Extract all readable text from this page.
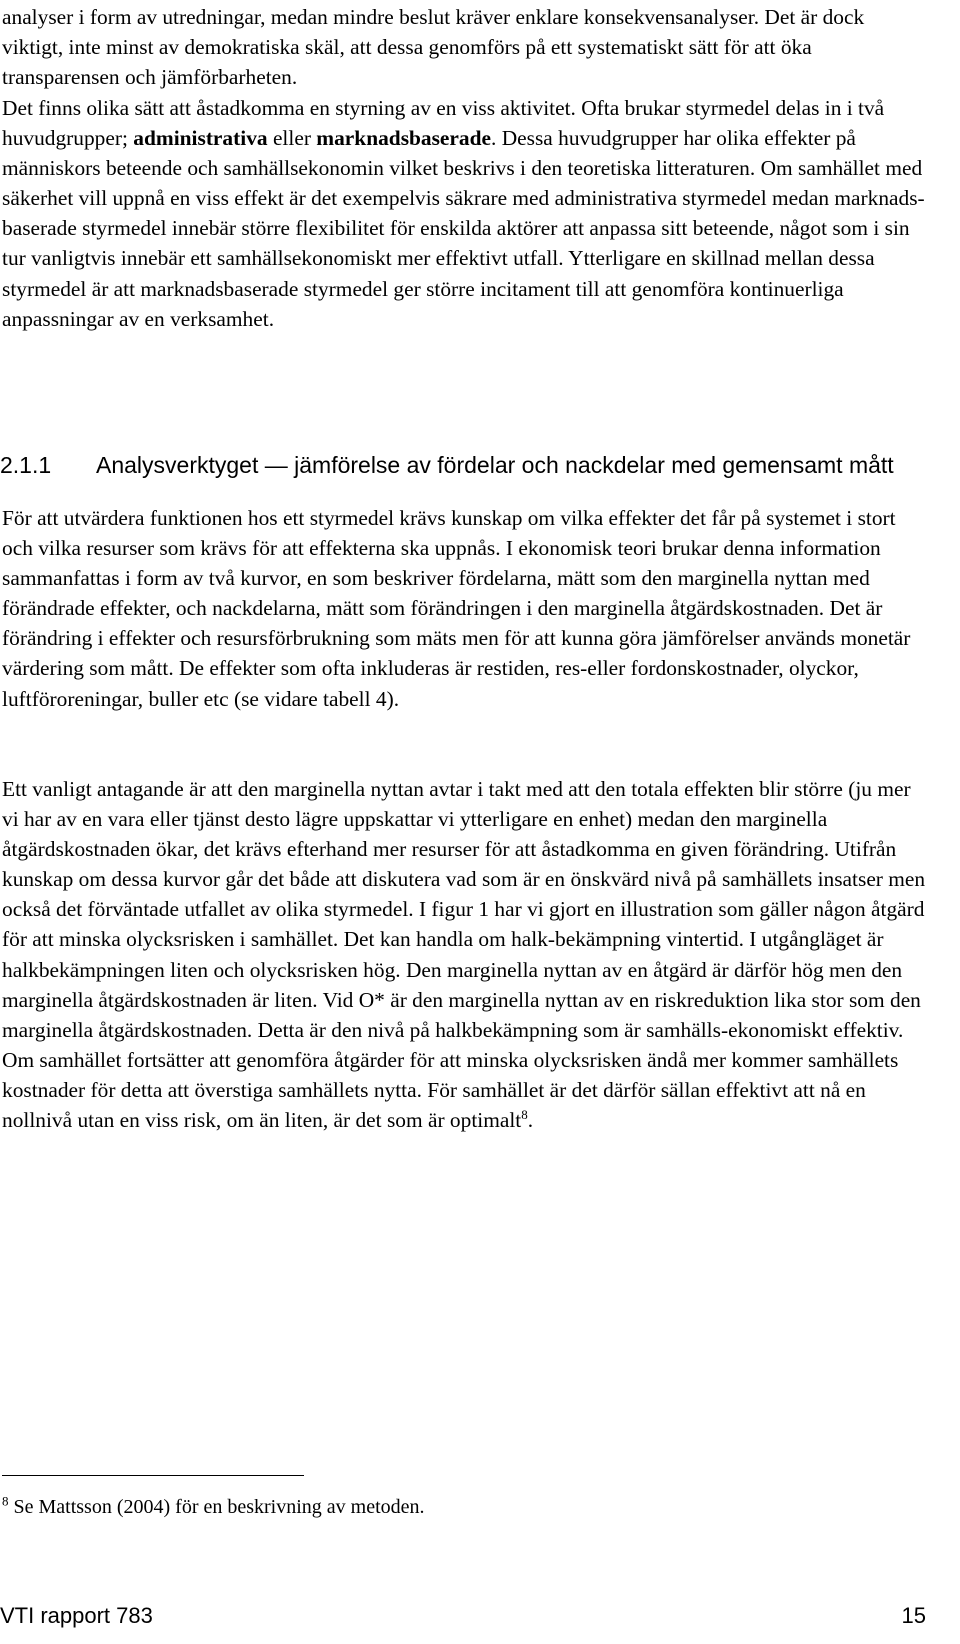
analyser i form av utredningar, medan mindre beslut kräver enklare konsekvensanalyser. Det är dock viktigt, inte minst av demokratiska skäl, att dessa genomförs på ett systematiskt sätt för att öka transparensen och jämförbarheten.

Det finns olika sätt att åstadkomma en styrning av en viss aktivitet. Ofta brukar styrmedel delas in i två huvudgrupper; administrativa eller marknadsbaserade. Dessa huvudgrupper har olika effekter på människors beteende och samhällsekonomin vilket beskrivs i den teoretiska litteraturen. Om samhället med säkerhet vill uppnå en viss effekt är det exempelvis säkrare med administrativa styrmedel medan marknads-baserade styrmedel innebär större flexibilitet för enskilda aktörer att anpassa sitt beteende, något som i sin tur vanligtvis innebär ett samhällsekonomiskt mer effektivt utfall. Ytterligare en skillnad mellan dessa styrmedel är att marknadsbaserade styrmedel ger större incitament till att genomföra kontinuerliga anpassningar av en verksamhet.

2.1.1 Analysverktyget — jämförelse av fördelar och nackdelar med gemensamt mått

För att utvärdera funktionen hos ett styrmedel krävs kunskap om vilka effekter det får på systemet i stort och vilka resurser som krävs för att effekterna ska uppnås. I ekonomisk teori brukar denna information sammanfattas i form av två kurvor, en som beskriver fördelarna, mätt som den marginella nyttan med förändrade effekter, och nackdelarna, mätt som förändringen i den marginella åtgärdskostnaden. Det är förändring i effekter och resursförbrukning som mäts men för att kunna göra jämförelser används monetär värdering som mått. De effekter som ofta inkluderas är restiden, res-eller fordonskostnader, olyckor, luftföroreningar, buller etc (se vidare tabell 4).

Ett vanligt antagande är att den marginella nyttan avtar i takt med att den totala effekten blir större (ju mer vi har av en vara eller tjänst desto lägre uppskattar vi ytterligare en enhet) medan den marginella åtgärdskostnaden ökar, det krävs efterhand mer resurser för att åstadkomma en given förändring. Utifrån kunskap om dessa kurvor går det både att diskutera vad som är en önskvärd nivå på samhällets insatser men också det förväntade utfallet av olika styrmedel. I figur 1 har vi gjort en illustration som gäller någon åtgärd för att minska olycksrisken i samhället. Det kan handla om halk-bekämpning vintertid. I utgångläget är halkbekämpningen liten och olycksrisken hög. Den marginella nyttan av en åtgärd är därför hög men den marginella åtgärdskostnaden är liten. Vid O* är den marginella nyttan av en riskreduktion lika stor som den marginella åtgärdskostnaden. Detta är den nivå på halkbekämpning som är samhälls-ekonomiskt effektiv. Om samhället fortsätter att genomföra åtgärder för att minska olycksrisken ändå mer kommer samhällets kostnader för detta att överstiga samhällets nytta. För samhället är det därför sällan effektivt att nå en nollnivå utan en viss risk, om än liten, är det som är optimalt$^8$.

$^8$ Se Mattsson (2004) för en beskrivning av metoden.

VTI rapport 783	15
